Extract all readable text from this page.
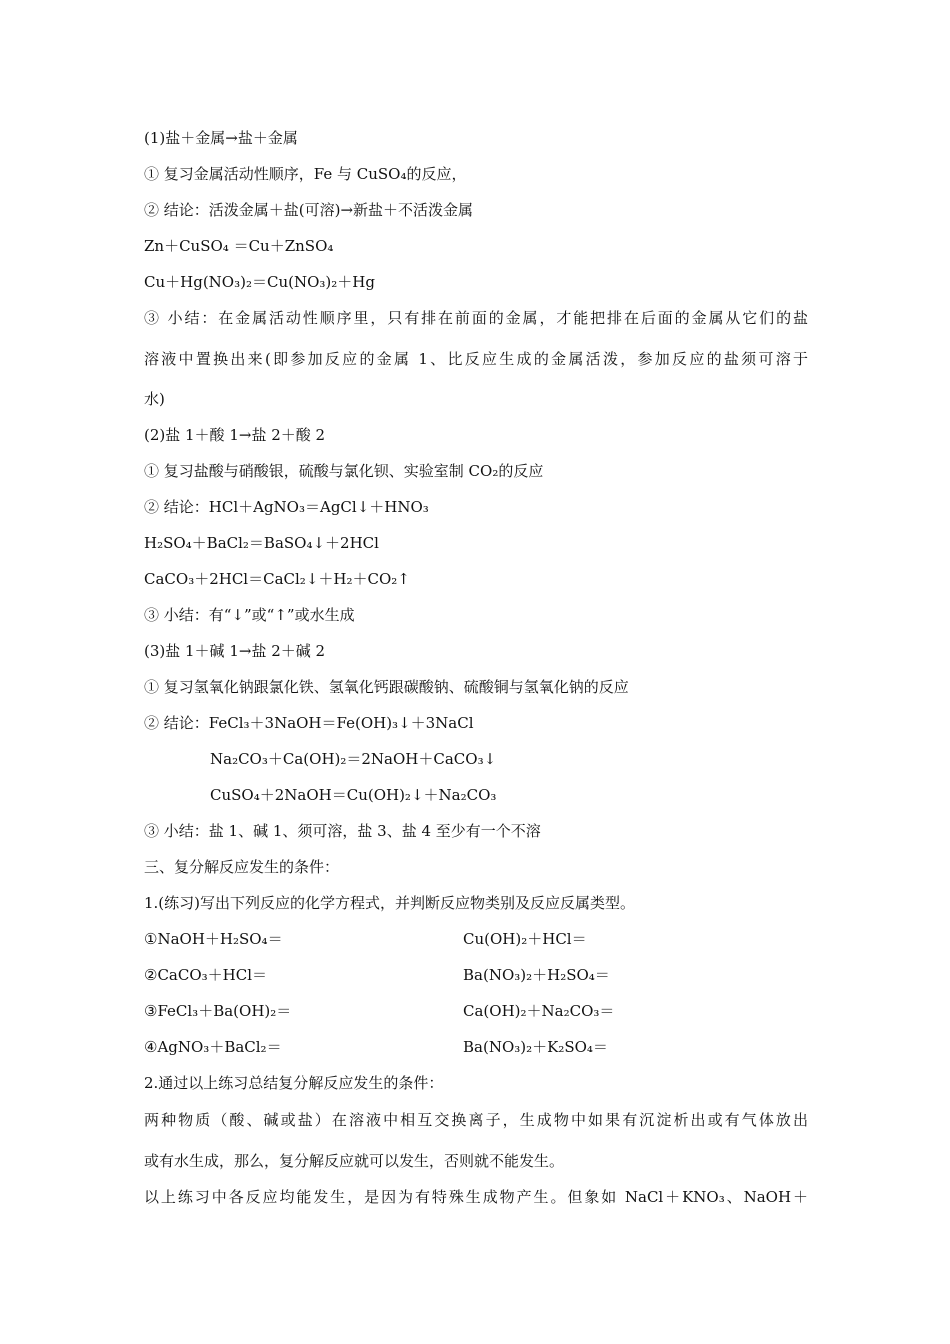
(1)盐＋金属→盐＋金属
① 复习金属活动性顺序，Fe 与 CuSO₄的反应，
② 结论：活泼金属＋盐(可溶)→新盐＋不活泼金属
Zn＋CuSO₄ ＝Cu＋ZnSO₄
Cu＋Hg(NO₃)₂＝Cu(NO₃)₂＋Hg
③ 小结：在金属活动性顺序里，只有排在前面的金属，才能把排在后面的金属从它们的盐
溶液中置换出来(即参加反应的金属 1、比反应生成的金属活泼，参加反应的盐须可溶于
水)
(2)盐 1＋酸 1→盐 2＋酸 2
① 复习盐酸与硝酸银，硫酸与氯化钡、实验室制 CO₂的反应
② 结论：HCl＋AgNO₃＝AgCl↓＋HNO₃
H₂SO₄＋BaCl₂＝BaSO₄↓＋2HCl
CaCO₃＋2HCl＝CaCl₂↓＋H₂＋CO₂↑
③ 小结：有“↓”或“↑”或水生成
(3)盐 1＋碱 1→盐 2＋碱 2
① 复习氢氧化钠跟氯化铁、氢氧化钙跟碳酸钠、硫酸铜与氢氧化钠的反应
② 结论：FeCl₃＋3NaOH＝Fe(OH)₃↓＋3NaCl
Na₂CO₃＋Ca(OH)₂＝2NaOH＋CaCO₃↓
CuSO₄＋2NaOH＝Cu(OH)₂↓＋Na₂CO₃
③ 小结：盐 1、碱 1、须可溶，盐 3、盐 4 至少有一个不溶
三、复分解反应发生的条件：
1.(练习)写出下列反应的化学方程式，并判断反应物类别及反应反属类型。
①NaOH＋H₂SO₄＝	Cu(OH)₂＋HCl＝
②CaCO₃＋HCl＝	Ba(NO₃)₂＋H₂SO₄＝
③FeCl₃＋Ba(OH)₂＝	Ca(OH)₂＋Na₂CO₃＝
④AgNO₃＋BaCl₂＝	Ba(NO₃)₂＋K₂SO₄＝
2.通过以上练习总结复分解反应发生的条件：
两种物质（酸、碱或盐）在溶液中相互交换离子，生成物中如果有沉淀析出或有气体放出
或有水生成，那么，复分解反应就可以发生，否则就不能发生。
以上练习中各反应均能发生，是因为有特殊生成物产生。但象如 NaCl＋KNO₃、NaOH＋
